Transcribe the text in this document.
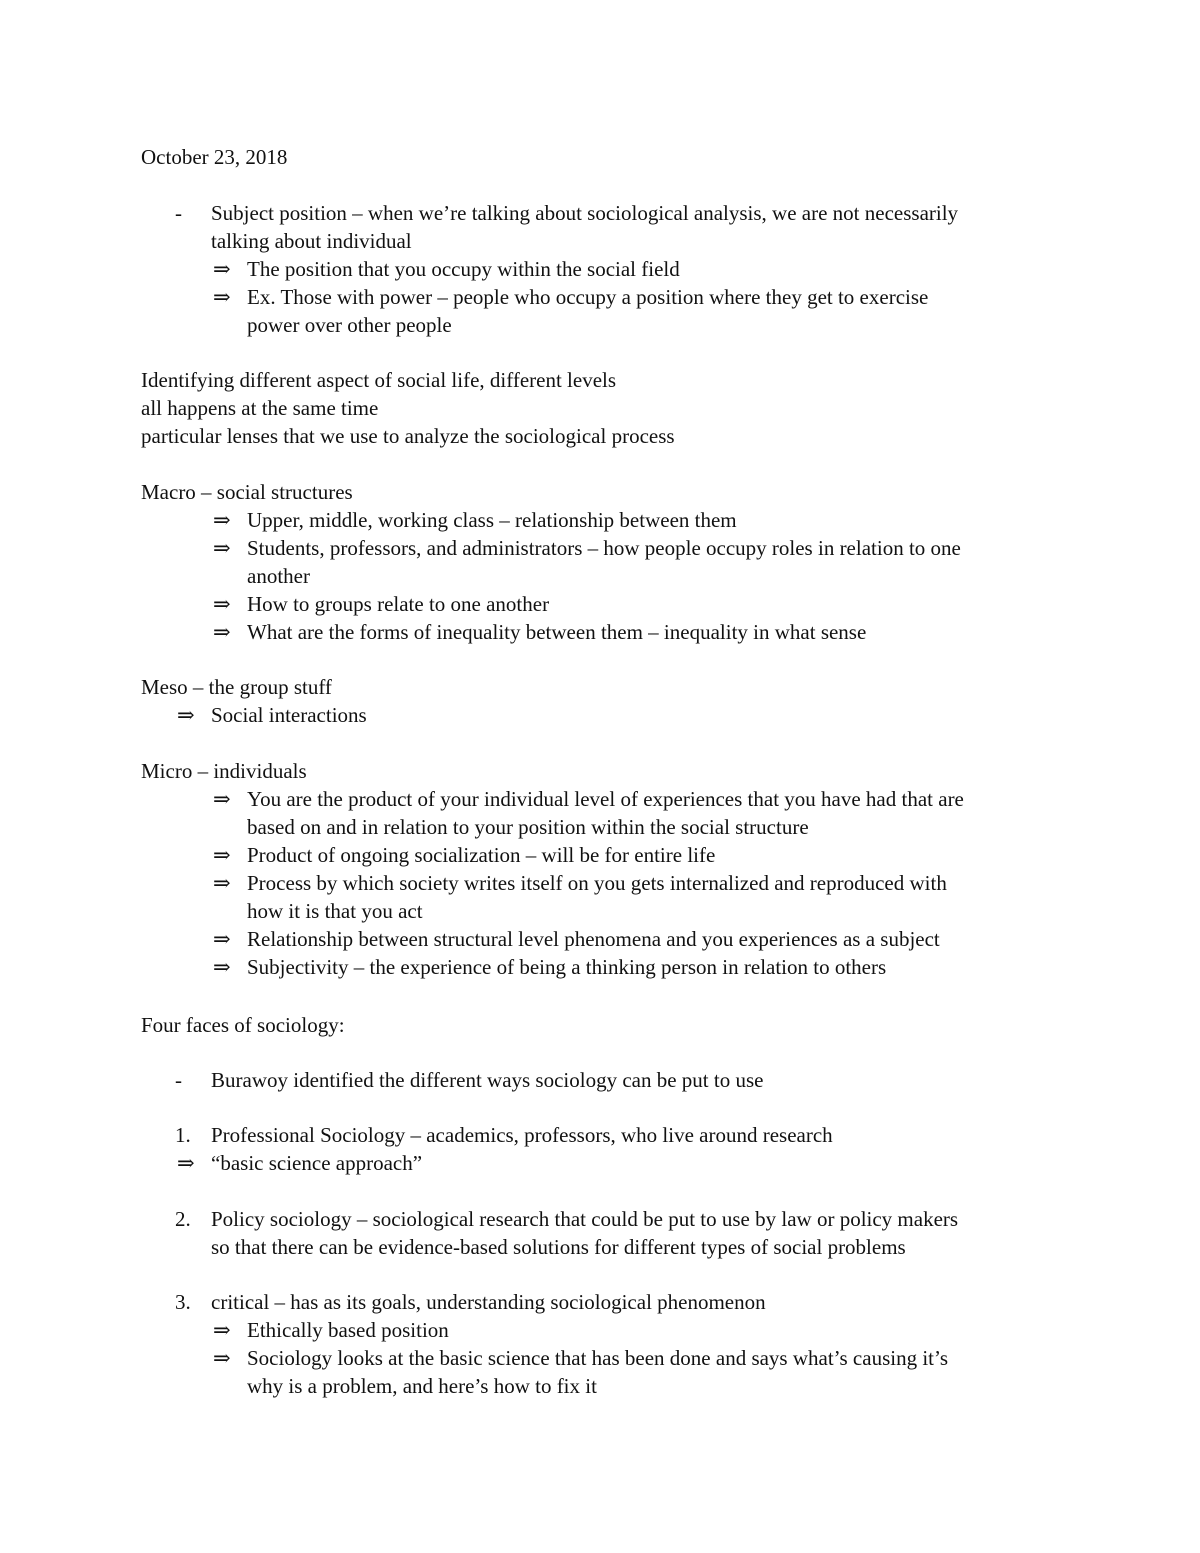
October 23, 2018
- Subject position – when we’re talking about sociological analysis, we are not necessarily
talking about individual
⇒ The position that you occupy within the social field
⇒ Ex. Those with power – people who occupy a position where they get to exercise
power over other people
Identifying different aspect of social life, different levels
all happens at the same time
particular lenses that we use to analyze the sociological process
Macro – social structures
⇒ Upper, middle, working class – relationship between them
⇒ Students, professors, and administrators – how people occupy roles in relation to one
another
⇒ How to groups relate to one another
⇒ What are the forms of inequality between them – inequality in what sense
Meso – the group stuff
⇒ Social interactions
Micro – individuals
⇒ You are the product of your individual level of experiences that you have had that are
based on and in relation to your position within the social structure
⇒ Product of ongoing socialization – will be for entire life
⇒ Process by which society writes itself on you gets internalized and reproduced with
how it is that you act
⇒ Relationship between structural level phenomena and you experiences as a subject
⇒ Subjectivity – the experience of being a thinking person in relation to others
Four faces of sociology:
- Burawoy identified the different ways sociology can be put to use
1. Professional Sociology – academics, professors, who live around research
⇒ “basic science approach”
2. Policy sociology – sociological research that could be put to use by law or policy makers
so that there can be evidence-based solutions for different types of social problems
3. critical – has as its goals, understanding sociological phenomenon
⇒ Ethically based position
⇒ Sociology looks at the basic science that has been done and says what’s causing it’s
why is a problem, and here’s how to fix it
